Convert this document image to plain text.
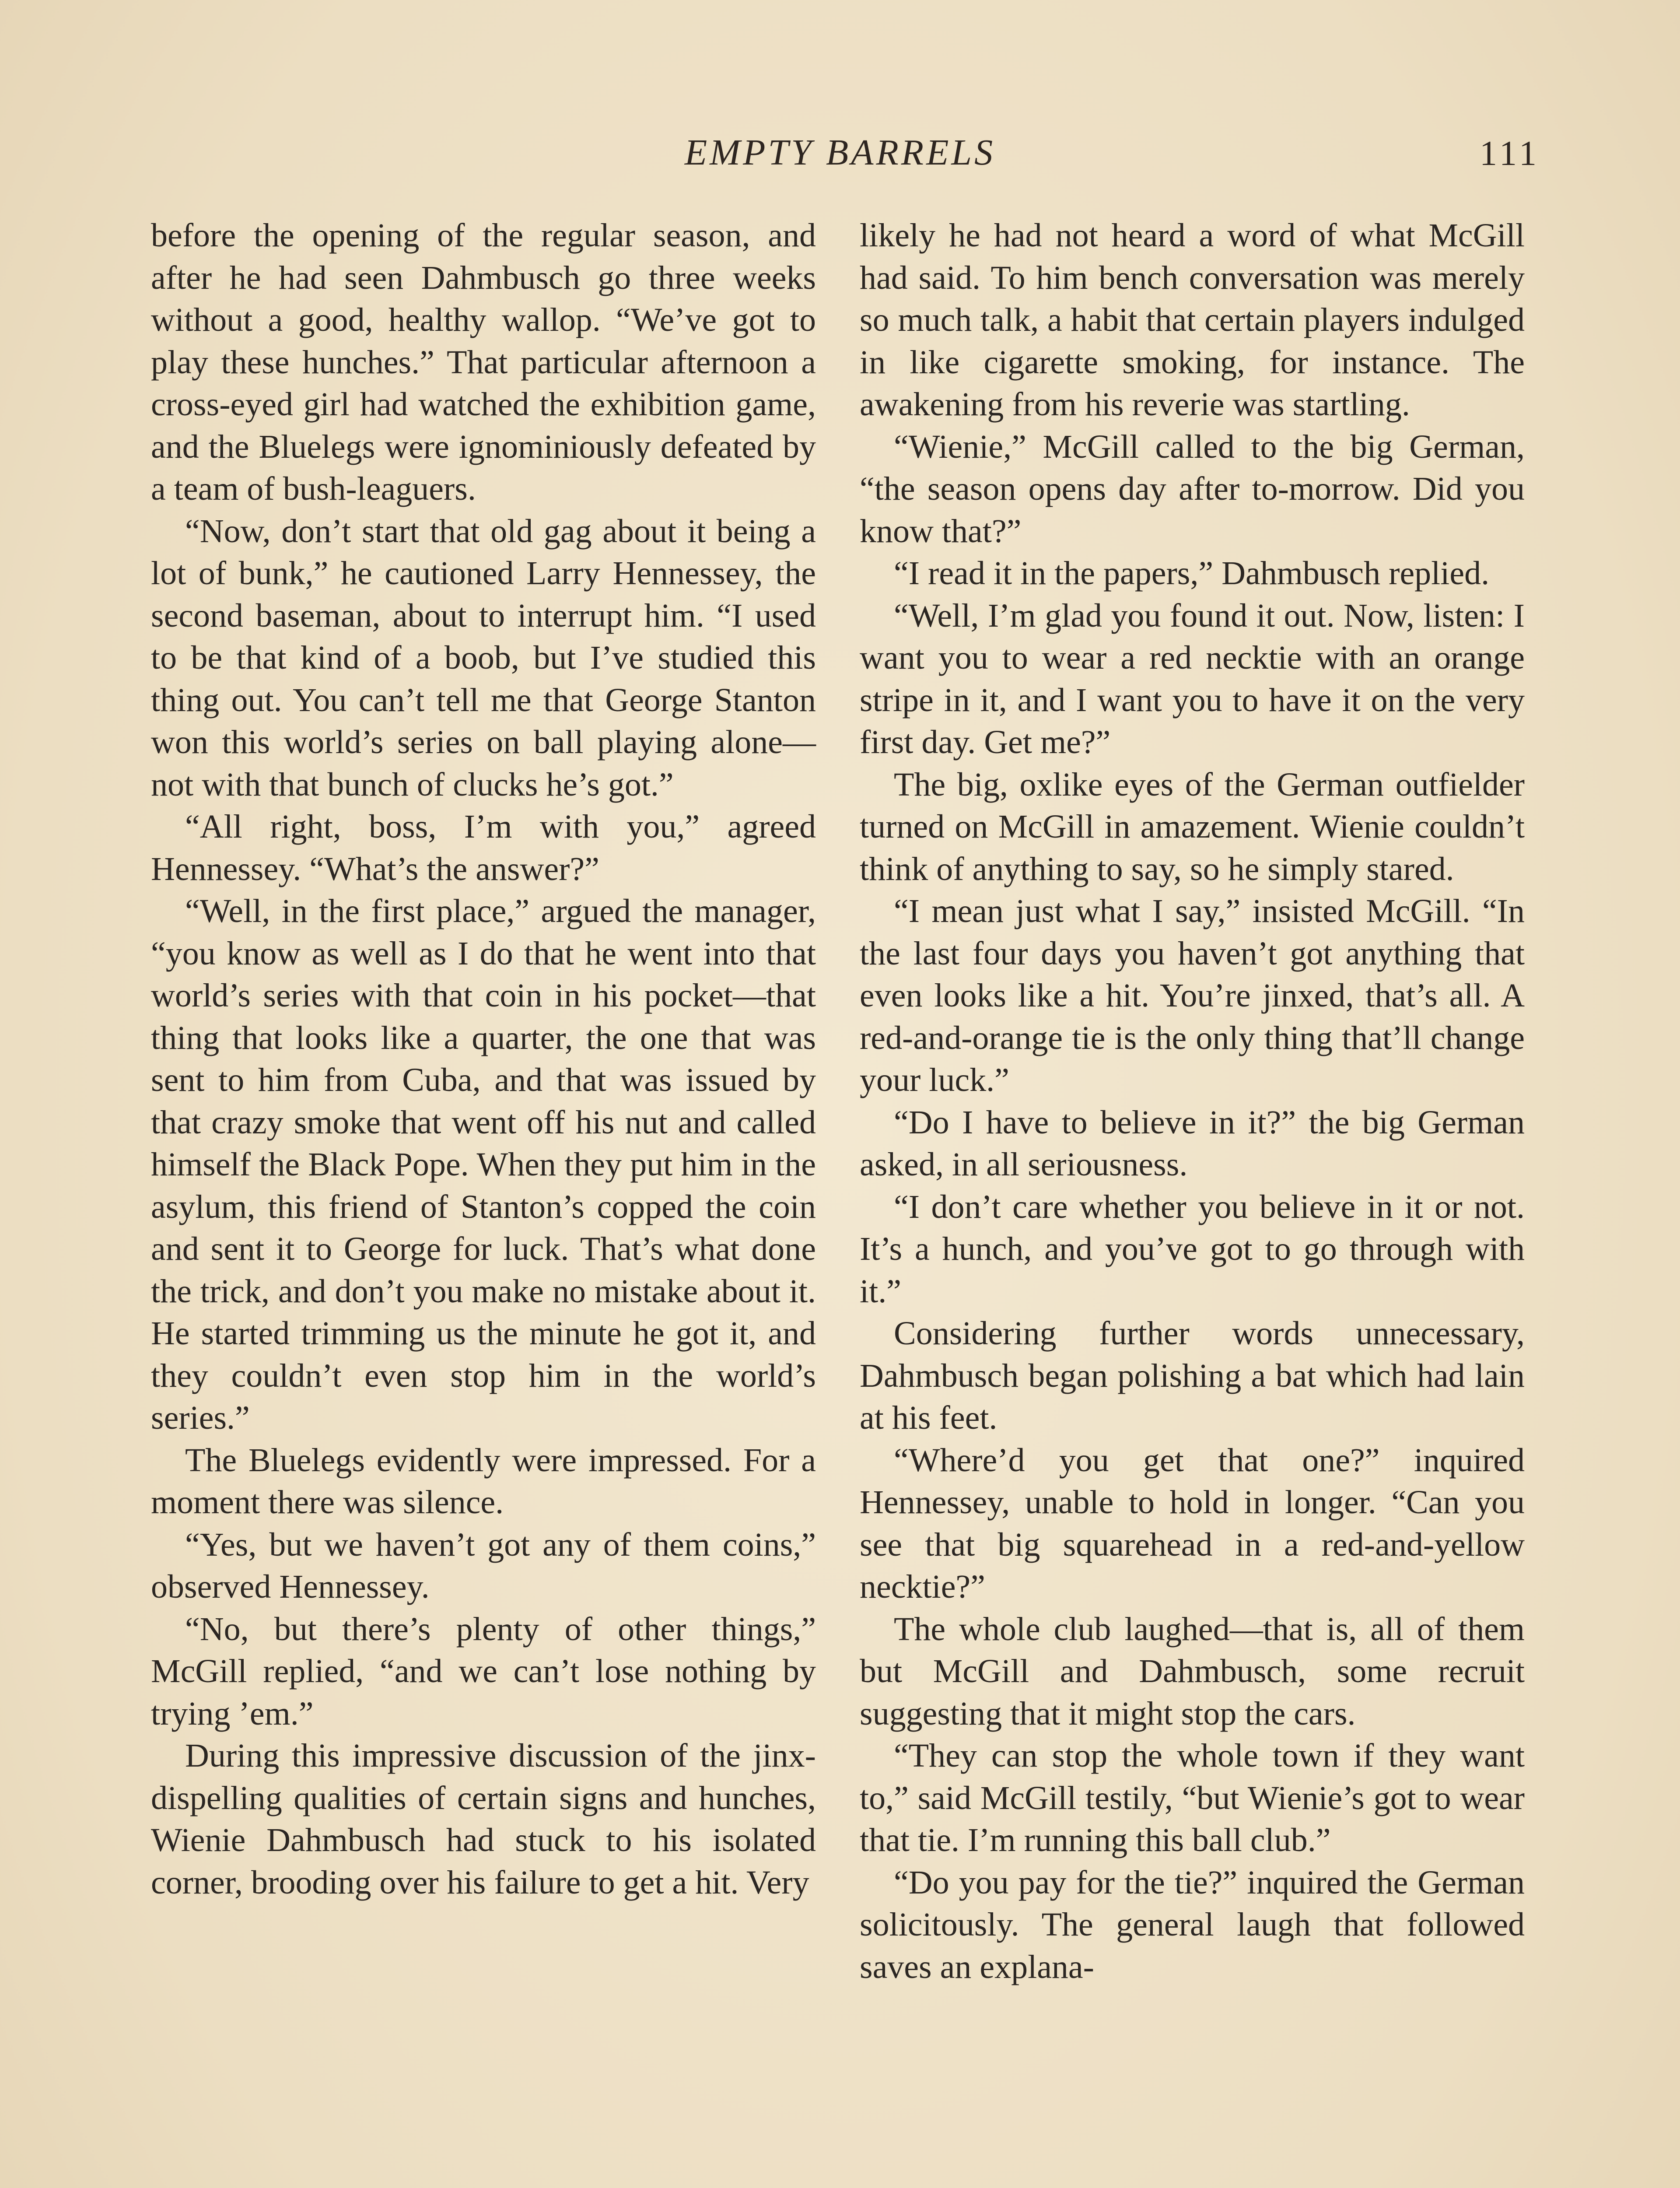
EMPTY BARRELS	111

before the opening of the regular season, and after he had seen Dahmbusch go three weeks without a good, healthy wallop. “We’ve got to play these hunches.” That particular afternoon a cross-eyed girl had watched the exhibition game, and the Bluelegs were ignominiously defeated by a team of bush-leaguers.

“Now, don’t start that old gag about it being a lot of bunk,” he cautioned Larry Hennessey, the second baseman, about to interrupt him. “I used to be that kind of a boob, but I’ve studied this thing out. You can’t tell me that George Stanton won this world’s series on ball playing alone—not with that bunch of clucks he’s got.”

“All right, boss, I’m with you,” agreed Hennessey. “What’s the answer?”

“Well, in the first place,” argued the manager, “you know as well as I do that he went into that world’s series with that coin in his pocket—that thing that looks like a quarter, the one that was sent to him from Cuba, and that was issued by that crazy smoke that went off his nut and called himself the Black Pope. When they put him in the asylum, this friend of Stanton’s copped the coin and sent it to George for luck. That’s what done the trick, and don’t you make no mistake about it. He started trimming us the minute he got it, and they couldn’t even stop him in the world’s series.”

The Bluelegs evidently were impressed. For a moment there was silence.

“Yes, but we haven’t got any of them coins,” observed Hennessey.

“No, but there’s plenty of other things,” McGill replied, “and we can’t lose nothing by trying ’em.”

During this impressive discussion of the jinx-dispelling qualities of certain signs and hunches, Wienie Dahmbusch had stuck to his isolated corner, brooding over his failure to get a hit. Very

likely he had not heard a word of what McGill had said. To him bench conversation was merely so much talk, a habit that certain players indulged in like cigarette smoking, for instance. The awakening from his reverie was startling.

“Wienie,” McGill called to the big German, “the season opens day after to-morrow. Did you know that?”

“I read it in the papers,” Dahmbusch replied.

“Well, I’m glad you found it out. Now, listen: I want you to wear a red necktie with an orange stripe in it, and I want you to have it on the very first day. Get me?”

The big, oxlike eyes of the German outfielder turned on McGill in amazement. Wienie couldn’t think of anything to say, so he simply stared.

“I mean just what I say,” insisted McGill. “In the last four days you haven’t got anything that even looks like a hit. You’re jinxed, that’s all. A red-and-orange tie is the only thing that’ll change your luck.”

“Do I have to believe in it?” the big German asked, in all seriousness.

“I don’t care whether you believe in it or not. It’s a hunch, and you’ve got to go through with it.”

Considering further words unnecessary, Dahmbusch began polishing a bat which had lain at his feet.

“Where’d you get that one?” inquired Hennessey, unable to hold in longer. “Can you see that big squarehead in a red-and-yellow necktie?”

The whole club laughed—that is, all of them but McGill and Dahmbusch, some recruit suggesting that it might stop the cars.

“They can stop the whole town if they want to,” said McGill testily, “but Wienie’s got to wear that tie. I’m running this ball club.”

“Do you pay for the tie?” inquired the German solicitously. The general laugh that followed saves an explana-
